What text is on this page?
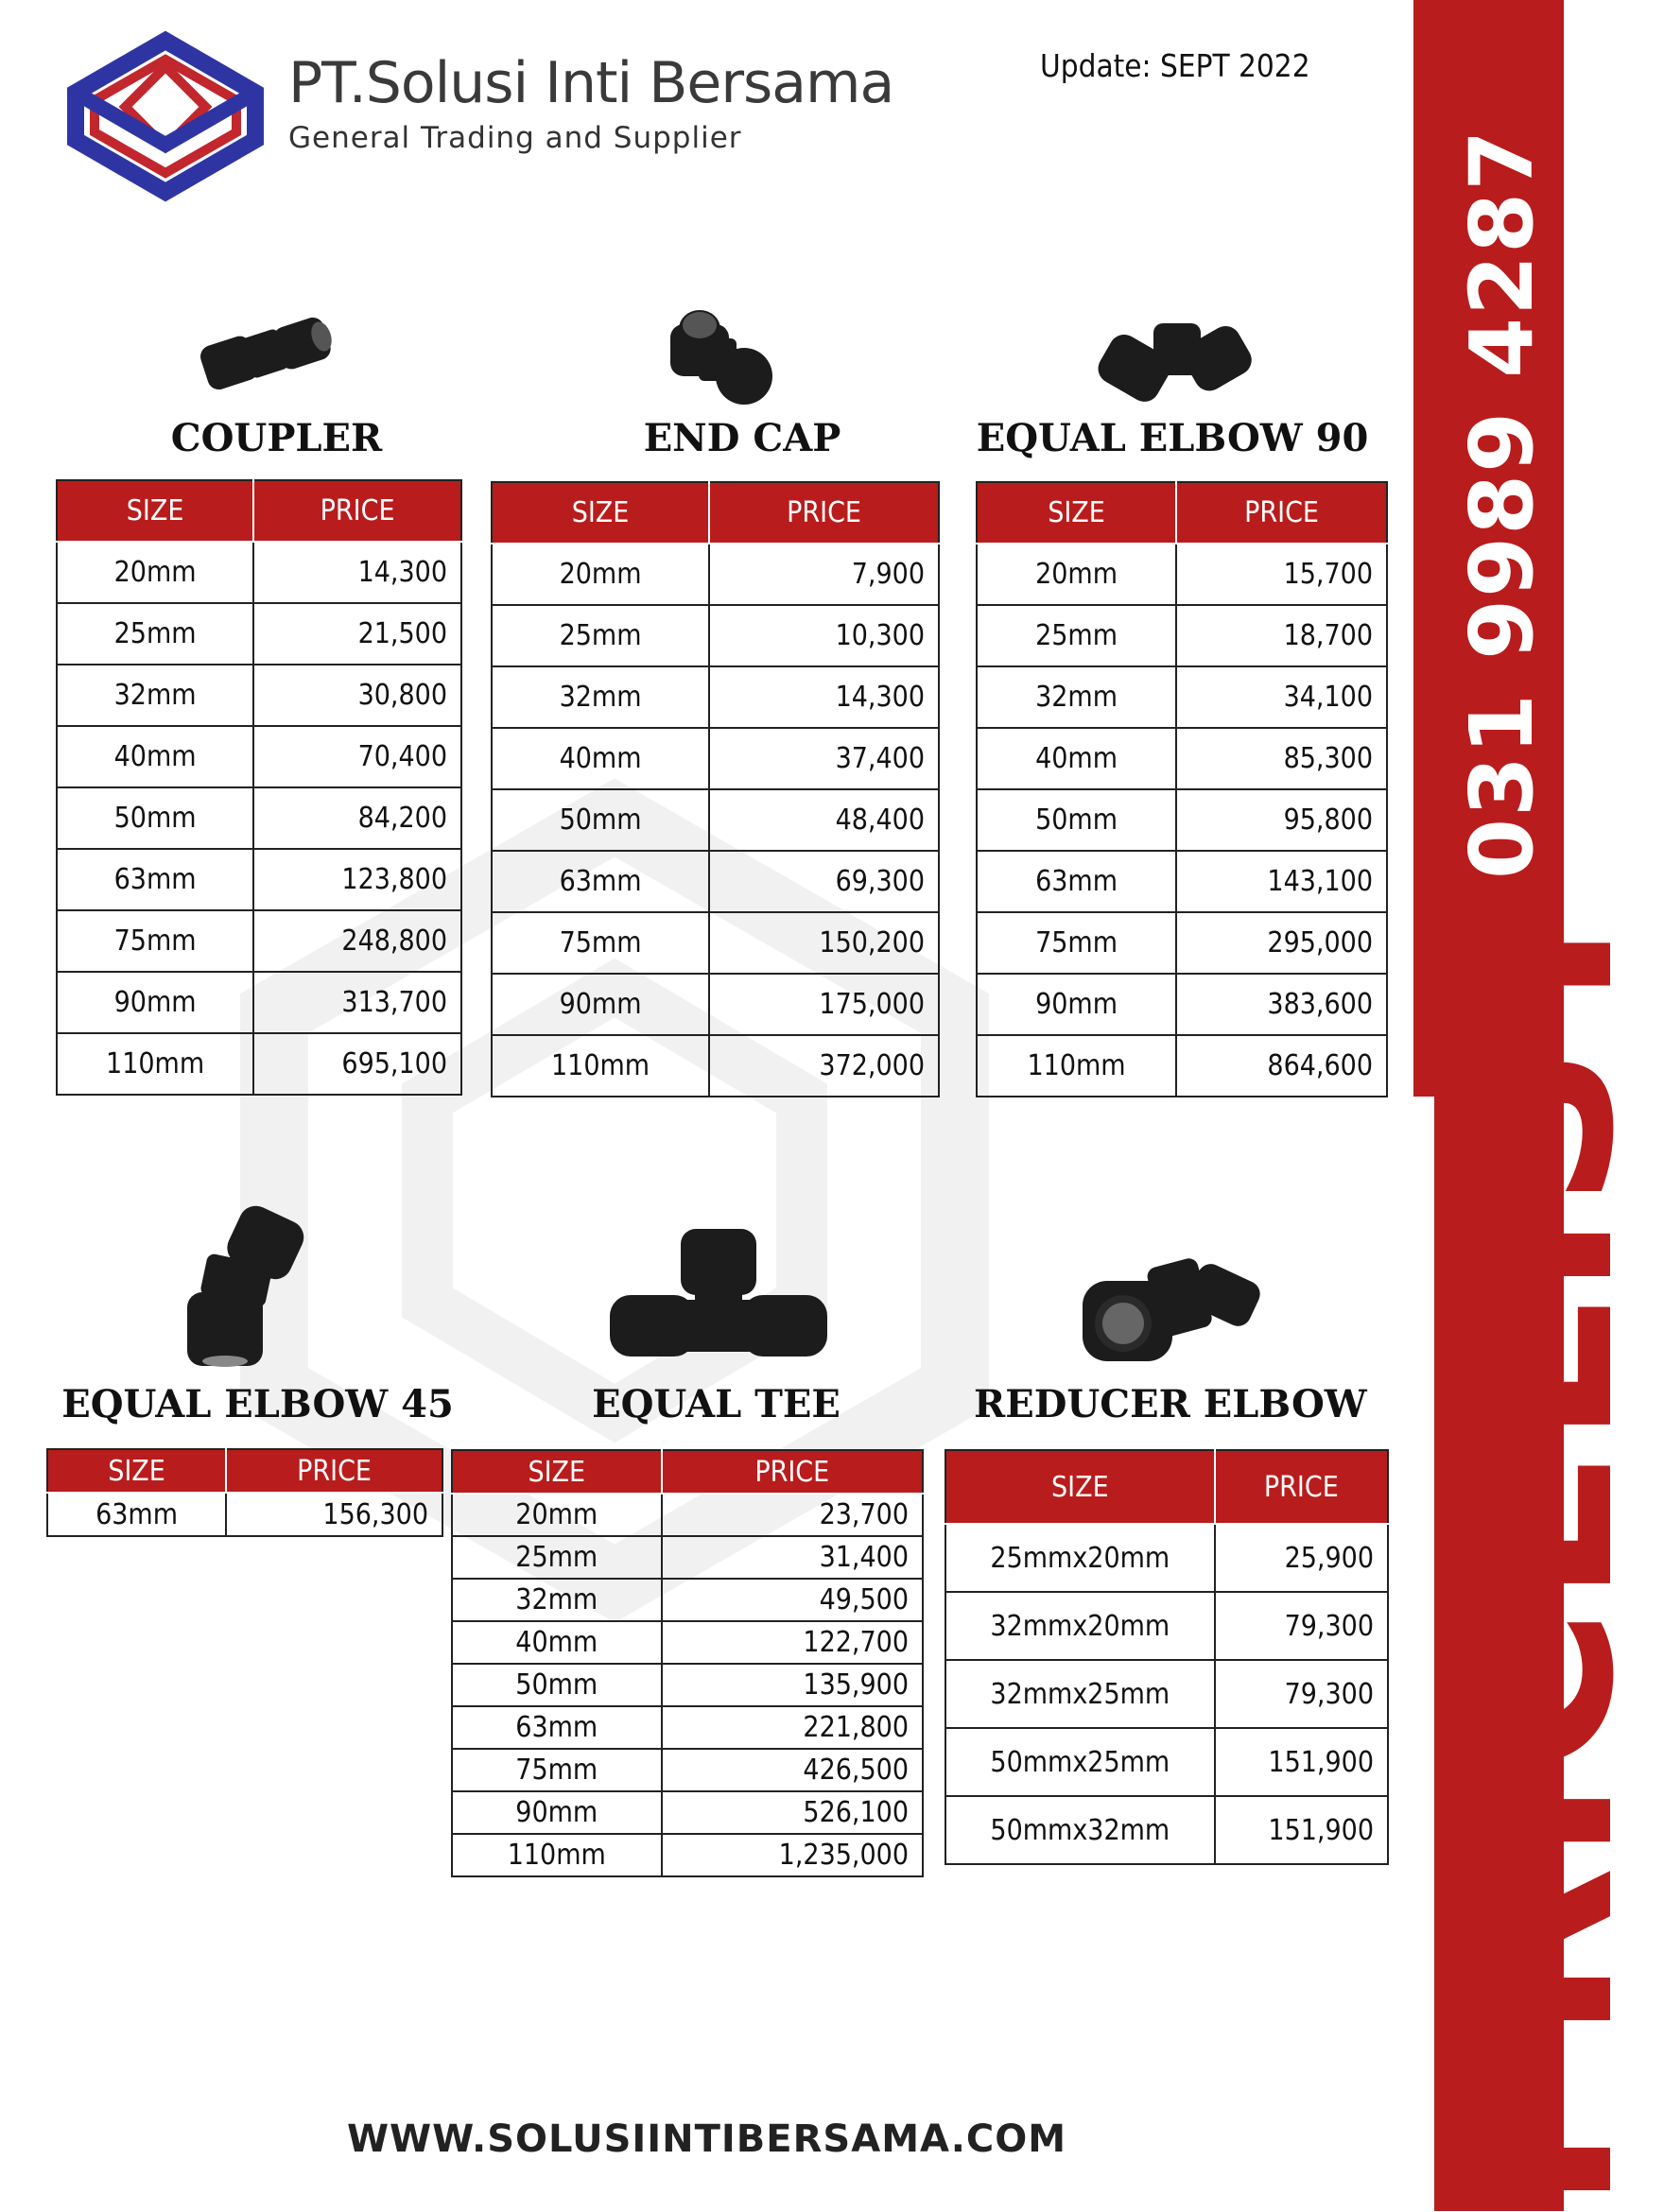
031 9989 4287
PRICELIST
PT.Solusi Inti Bersama
General Trading and Supplier
Update: SEPT 2022
COUPLER
SIZE	PRICE
20mm	14,300
25mm	21,500
32mm	30,800
40mm	70,400
50mm	84,200
63mm	123,800
75mm	248,800
90mm	313,700
110mm	695,100
END CAP
SIZE	PRICE
20mm	7,900
25mm	10,300
32mm	14,300
40mm	37,400
50mm	48,400
63mm	69,300
75mm	150,200
90mm	175,000
110mm	372,000
EQUAL ELBOW 90
SIZE	PRICE
20mm	15,700
25mm	18,700
32mm	34,100
40mm	85,300
50mm	95,800
63mm	143,100
75mm	295,000
90mm	383,600
110mm	864,600
EQUAL ELBOW 45
SIZE	PRICE
63mm	156,300
EQUAL TEE
SIZE	PRICE
20mm	23,700
25mm	31,400
32mm	49,500
40mm	122,700
50mm	135,900
63mm	221,800
75mm	426,500
90mm	526,100
110mm	1,235,000
REDUCER ELBOW
SIZE	PRICE
25mmx20mm	25,900
32mmx20mm	79,300
32mmx25mm	79,300
50mmx25mm	151,900
50mmx32mm	151,900
WWW.SOLUSIINTIBERSAMA.COM
